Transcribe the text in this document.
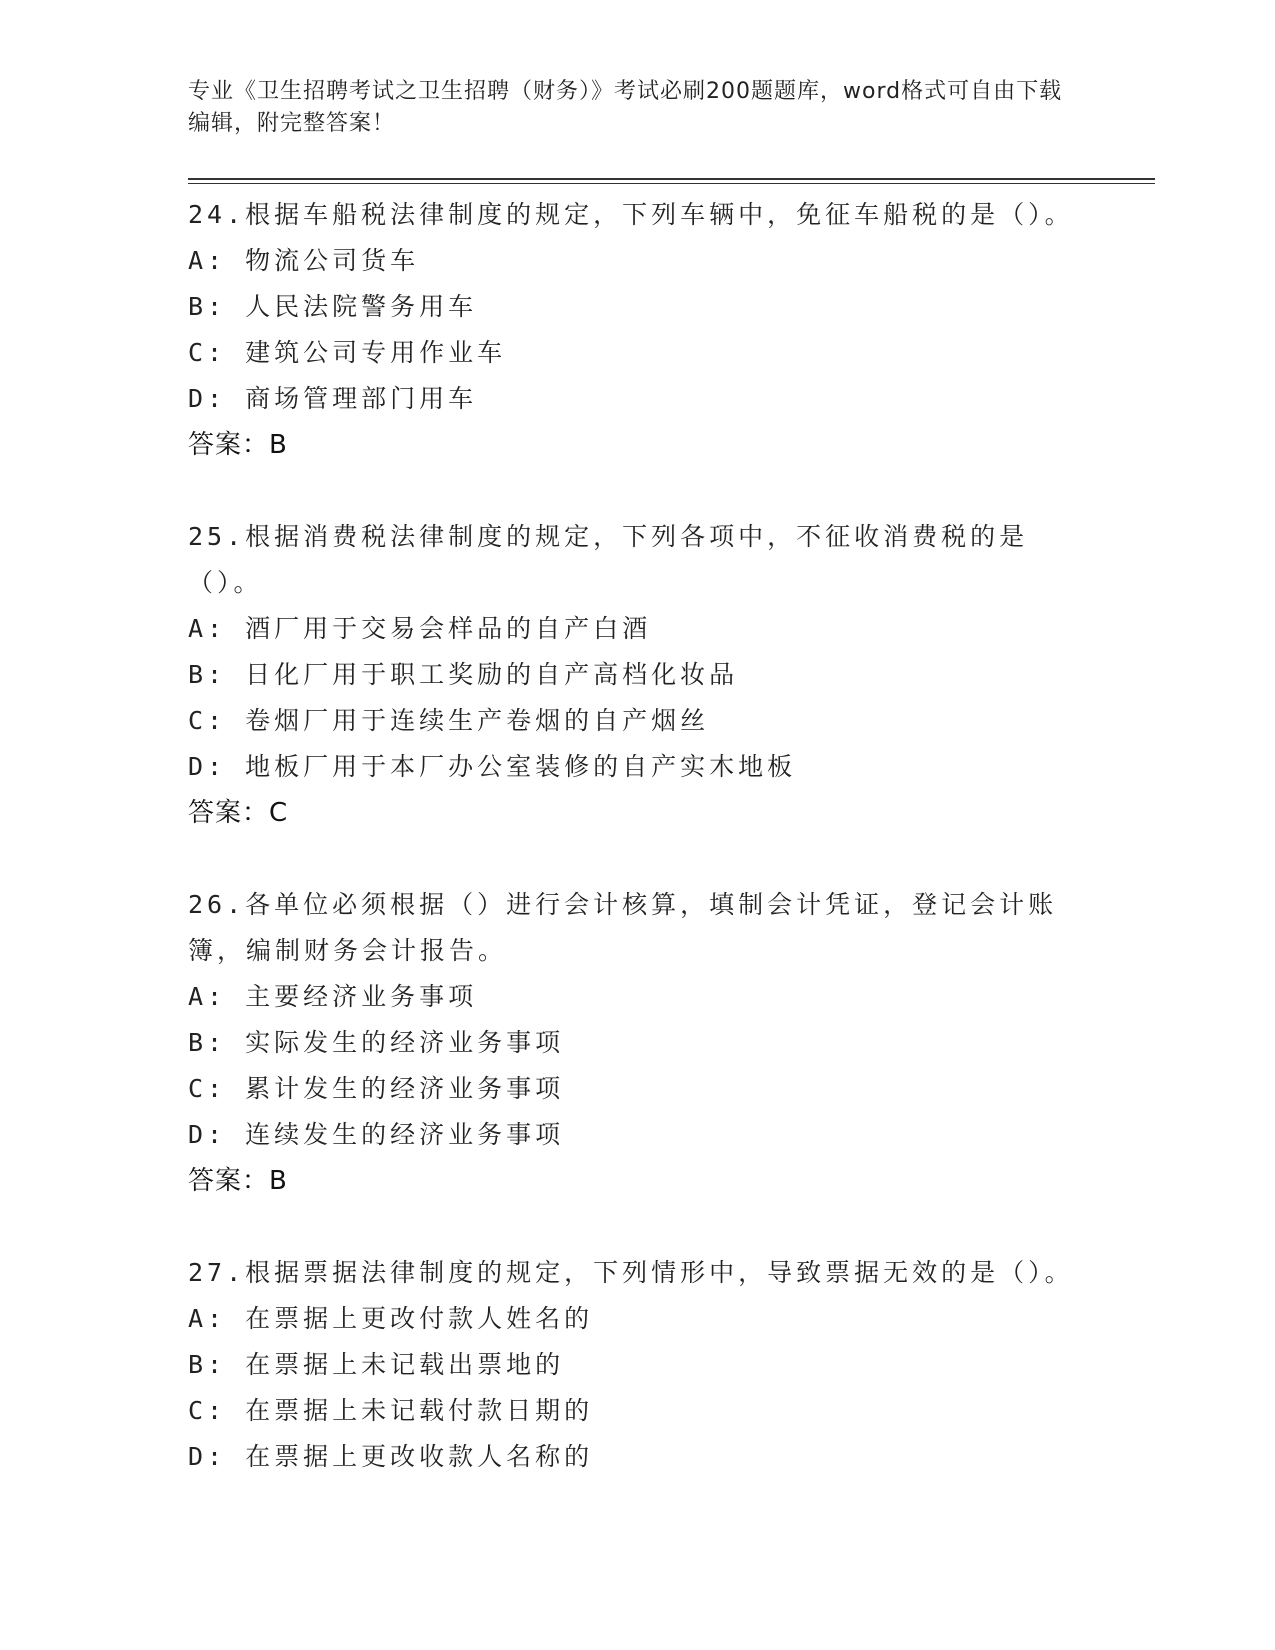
专业《卫生招聘考试之卫生招聘（财务）》考试必刷200题题库，word格式可自由下载编辑，附完整答案！
24.根据车船税法律制度的规定，下列车辆中，免征车船税的是（）。
A: 物流公司货车
B: 人民法院警务用车
C: 建筑公司专用作业车
D: 商场管理部门用车
答案：B
25.根据消费税法律制度的规定，下列各项中，不征收消费税的是（）。
A: 酒厂用于交易会样品的自产白酒
B: 日化厂用于职工奖励的自产高档化妆品
C: 卷烟厂用于连续生产卷烟的自产烟丝
D: 地板厂用于本厂办公室装修的自产实木地板
答案：C
26.各单位必须根据（）进行会计核算，填制会计凭证，登记会计账簿，编制财务会计报告。
A: 主要经济业务事项
B: 实际发生的经济业务事项
C: 累计发生的经济业务事项
D: 连续发生的经济业务事项
答案：B
27.根据票据法律制度的规定，下列情形中，导致票据无效的是（）。
A: 在票据上更改付款人姓名的
B: 在票据上未记载出票地的
C: 在票据上未记载付款日期的
D: 在票据上更改收款人名称的
